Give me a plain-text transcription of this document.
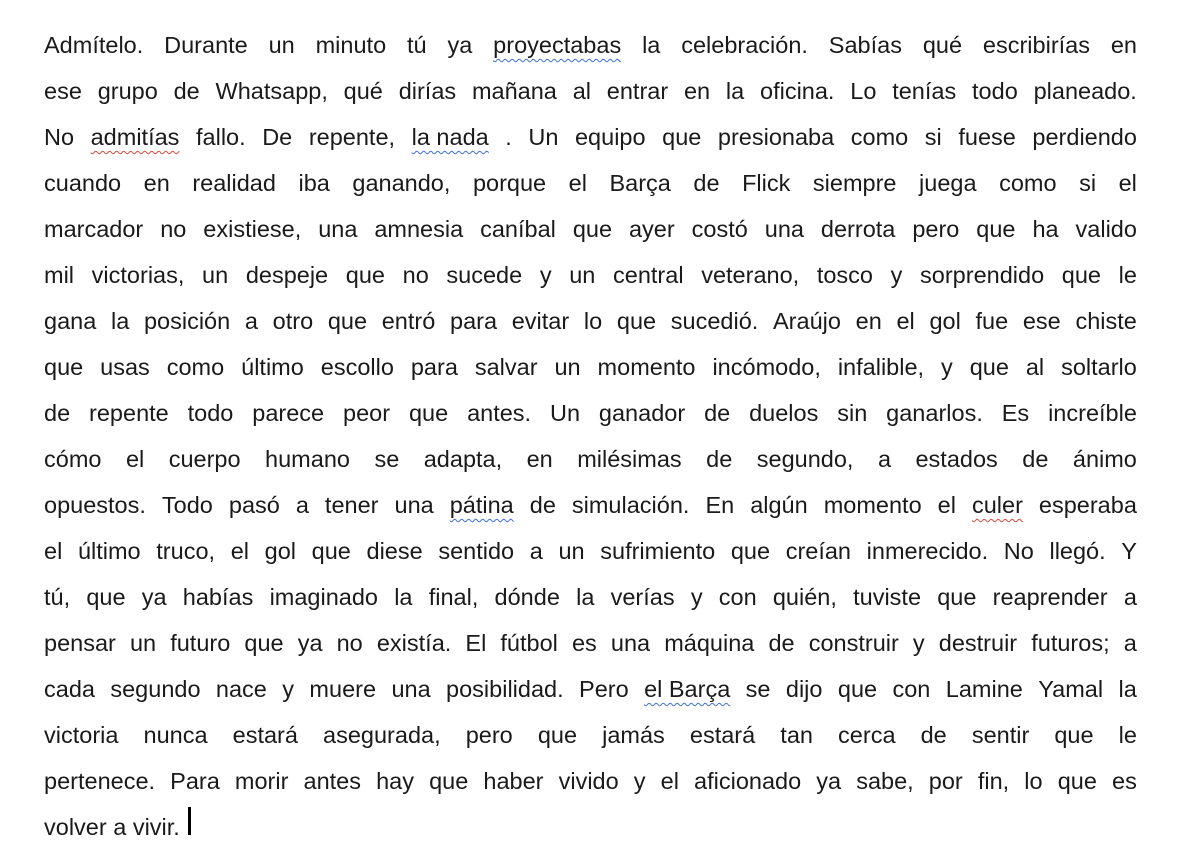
Admítelo. Durante un minuto tú ya proyectabas la celebración. Sabías qué escribirías en
ese grupo de Whatsapp, qué dirías mañana al entrar en la oficina. Lo tenías todo planeado.
No admitías fallo. De repente, la nada . Un equipo que presionaba como si fuese perdiendo
cuando en realidad iba ganando, porque el Barça de Flick siempre juega como si el
marcador no existiese, una amnesia caníbal que ayer costó una derrota pero que ha valido
mil victorias, un despeje que no sucede y un central veterano, tosco y sorprendido que le
gana la posición a otro que entró para evitar lo que sucedió. Araújo en el gol fue ese chiste
que usas como último escollo para salvar un momento incómodo, infalible, y que al soltarlo
de repente todo parece peor que antes. Un ganador de duelos sin ganarlos. Es increíble
cómo el cuerpo humano se adapta, en milésimas de segundo, a estados de ánimo
opuestos. Todo pasó a tener una pátina de simulación. En algún momento el culer esperaba
el último truco, el gol que diese sentido a un sufrimiento que creían inmerecido. No llegó. Y
tú, que ya habías imaginado la final, dónde la verías y con quién, tuviste que reaprender a
pensar un futuro que ya no existía. El fútbol es una máquina de construir y destruir futuros; a
cada segundo nace y muere una posibilidad. Pero el Barça se dijo que con Lamine Yamal la
victoria nunca estará asegurada, pero que jamás estará tan cerca de sentir que le
pertenece. Para morir antes hay que haber vivido y el aficionado ya sabe, por fin, lo que es
volver a vivir.
